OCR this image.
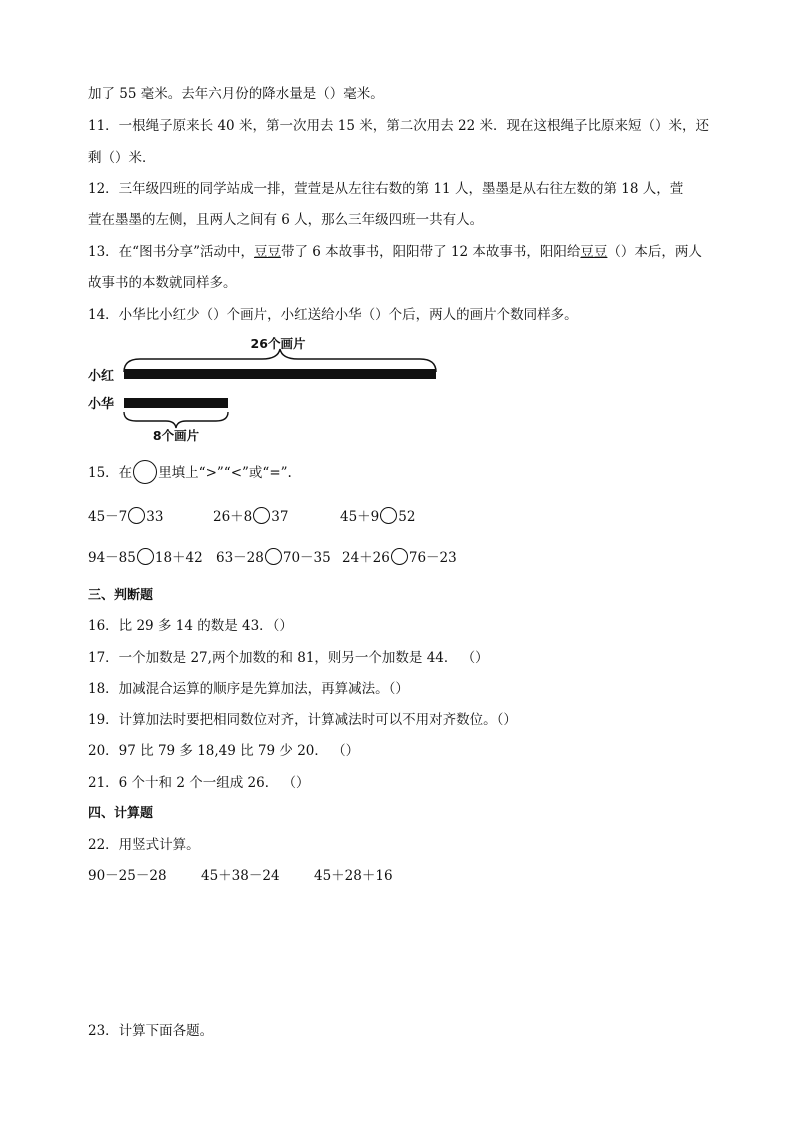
加了 55 毫米。去年六月份的降水量是（）毫米。
11．一根绳子原来长 40 米，第一次用去 15 米，第二次用去 22 米．现在这根绳子比原来短（）米，还
剩（）米．
12．三年级四班的同学站成一排，萱萱是从左往右数的第 11 人，墨墨是从右往左数的第 18 人，萱
萱在墨墨的左侧，且两人之间有 6 人，那么三年级四班一共有人。
13．在“图书分享”活动中，豆豆带了 6 本故事书，阳阳带了 12 本故事书，阳阳给豆豆（）本后，两人
故事书的本数就同样多。
14．小华比小红少（）个画片，小红送给小华（）个后，两人的画片个数同样多。
26个画片
小红
小华
8个画片
15．在 里填上“>”“<”或“=”.
45－7 33	26＋8 37	45＋9 52
94－85 18＋42 63－28 70－35 24＋26 76－23
三、判断题
16．比 29 多 14 的数是 43．（）
17．一个加数是 27,两个加数的和 81，则另一个加数是 44． （）
18．加减混合运算的顺序是先算加法，再算减法。（）
19．计算加法时要把相同数位对齐，计算减法时可以不用对齐数位。（）
20．97 比 79 多 18,49 比 79 少 20． （）
21．6 个十和 2 个一组成 26． （）
四、计算题
22．用竖式计算。
90－25－28	45＋38－24	45＋28＋16
23．计算下面各题。
